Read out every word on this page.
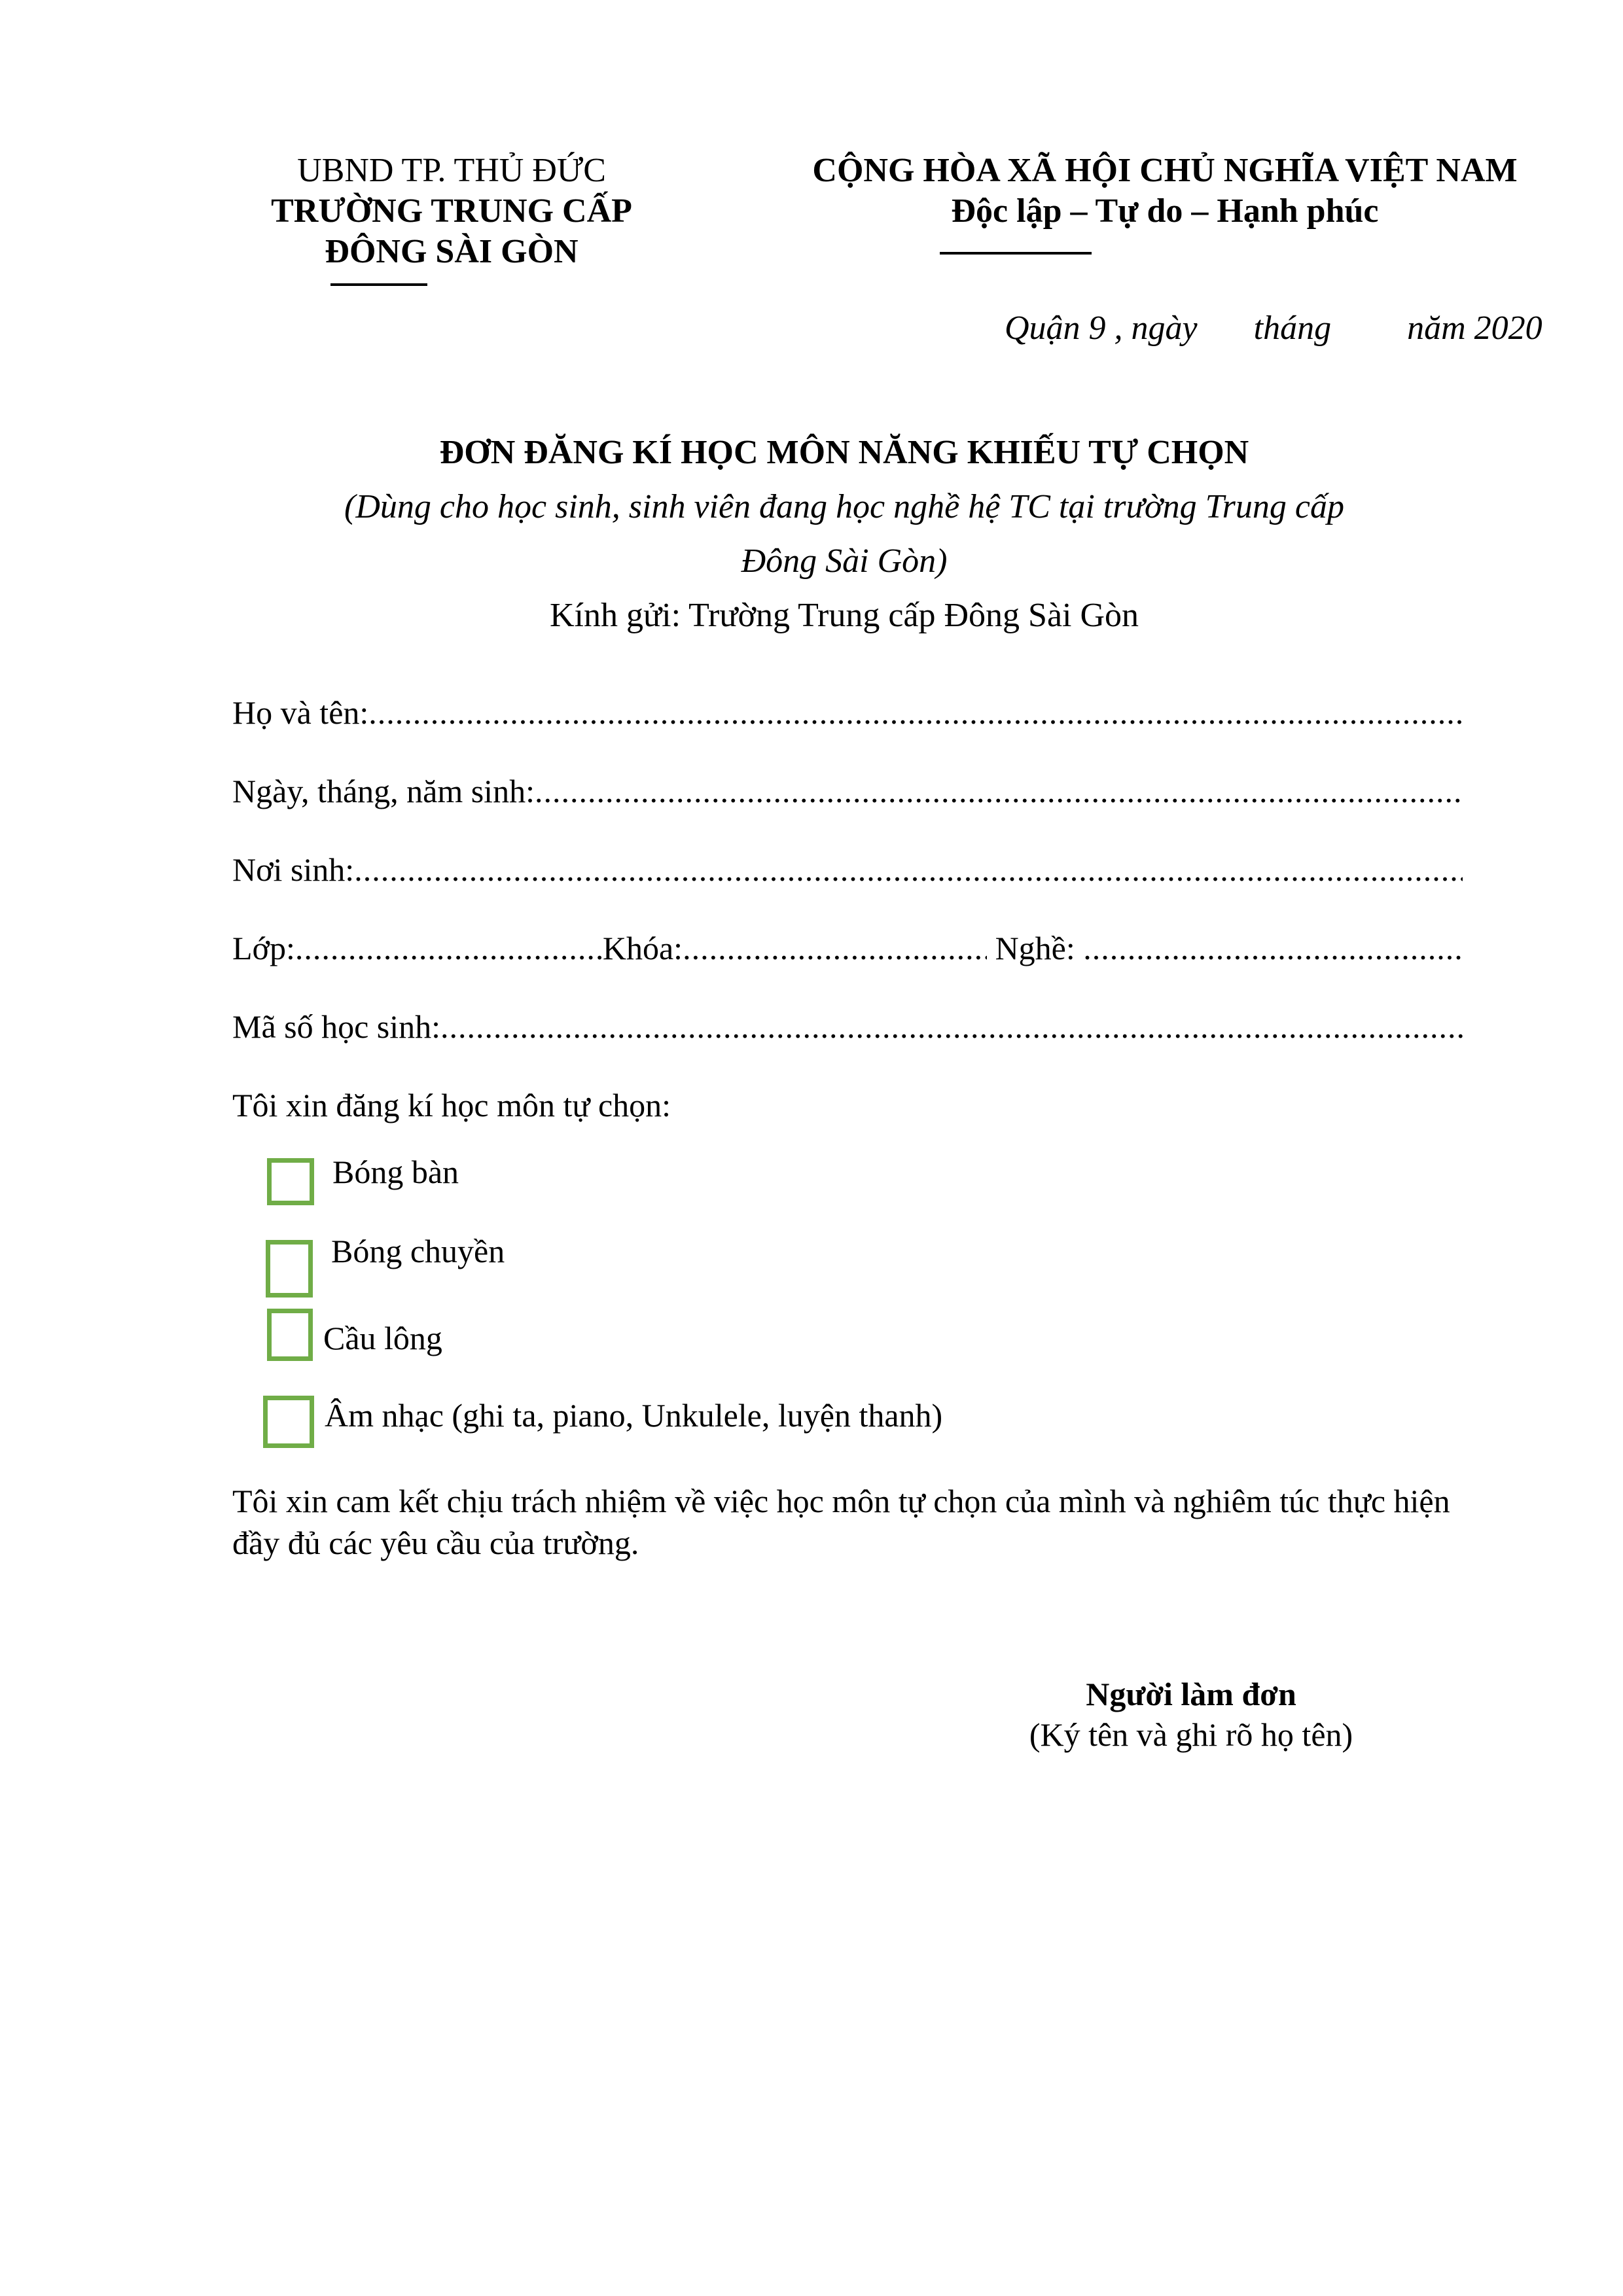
UBND TP. THỦ ĐỨC
TRƯỜNG TRUNG CẤP
ĐÔNG SÀI GÒN
CỘNG HÒA XÃ HỘI CHỦ NGHĨA VIỆT NAM
Độc lập – Tự do – Hạnh phúc
Quận 9 , ngày tháng năm 2020
ĐƠN ĐĂNG KÍ HỌC MÔN NĂNG KHIẾU TỰ CHỌN
(Dùng cho học sinh, sinh viên đang học nghề hệ TC tại trường Trung cấp
Đông Sài Gòn)
Kính gửi: Trường Trung cấp Đông Sài Gòn
Họ và tên:
.....
Ngày, tháng, năm sinh:
.....
Nơi sinh:
.....
Lớp: .....	Khóa: .....	Nghề:
.....
Mã số học sinh:
.....
Tôi xin đăng kí học môn tự chọn:
Bóng bàn
Bóng chuyền
Cầu lông
Âm nhạc (ghi ta, piano, Unkulele, luyện thanh)
Tôi xin cam kết chịu trách nhiệm về việc học môn tự chọn của mình và nghiêm túc thực hiện đầy đủ các yêu cầu của trường.
Người làm đơn
(Ký tên và ghi rõ họ tên)
